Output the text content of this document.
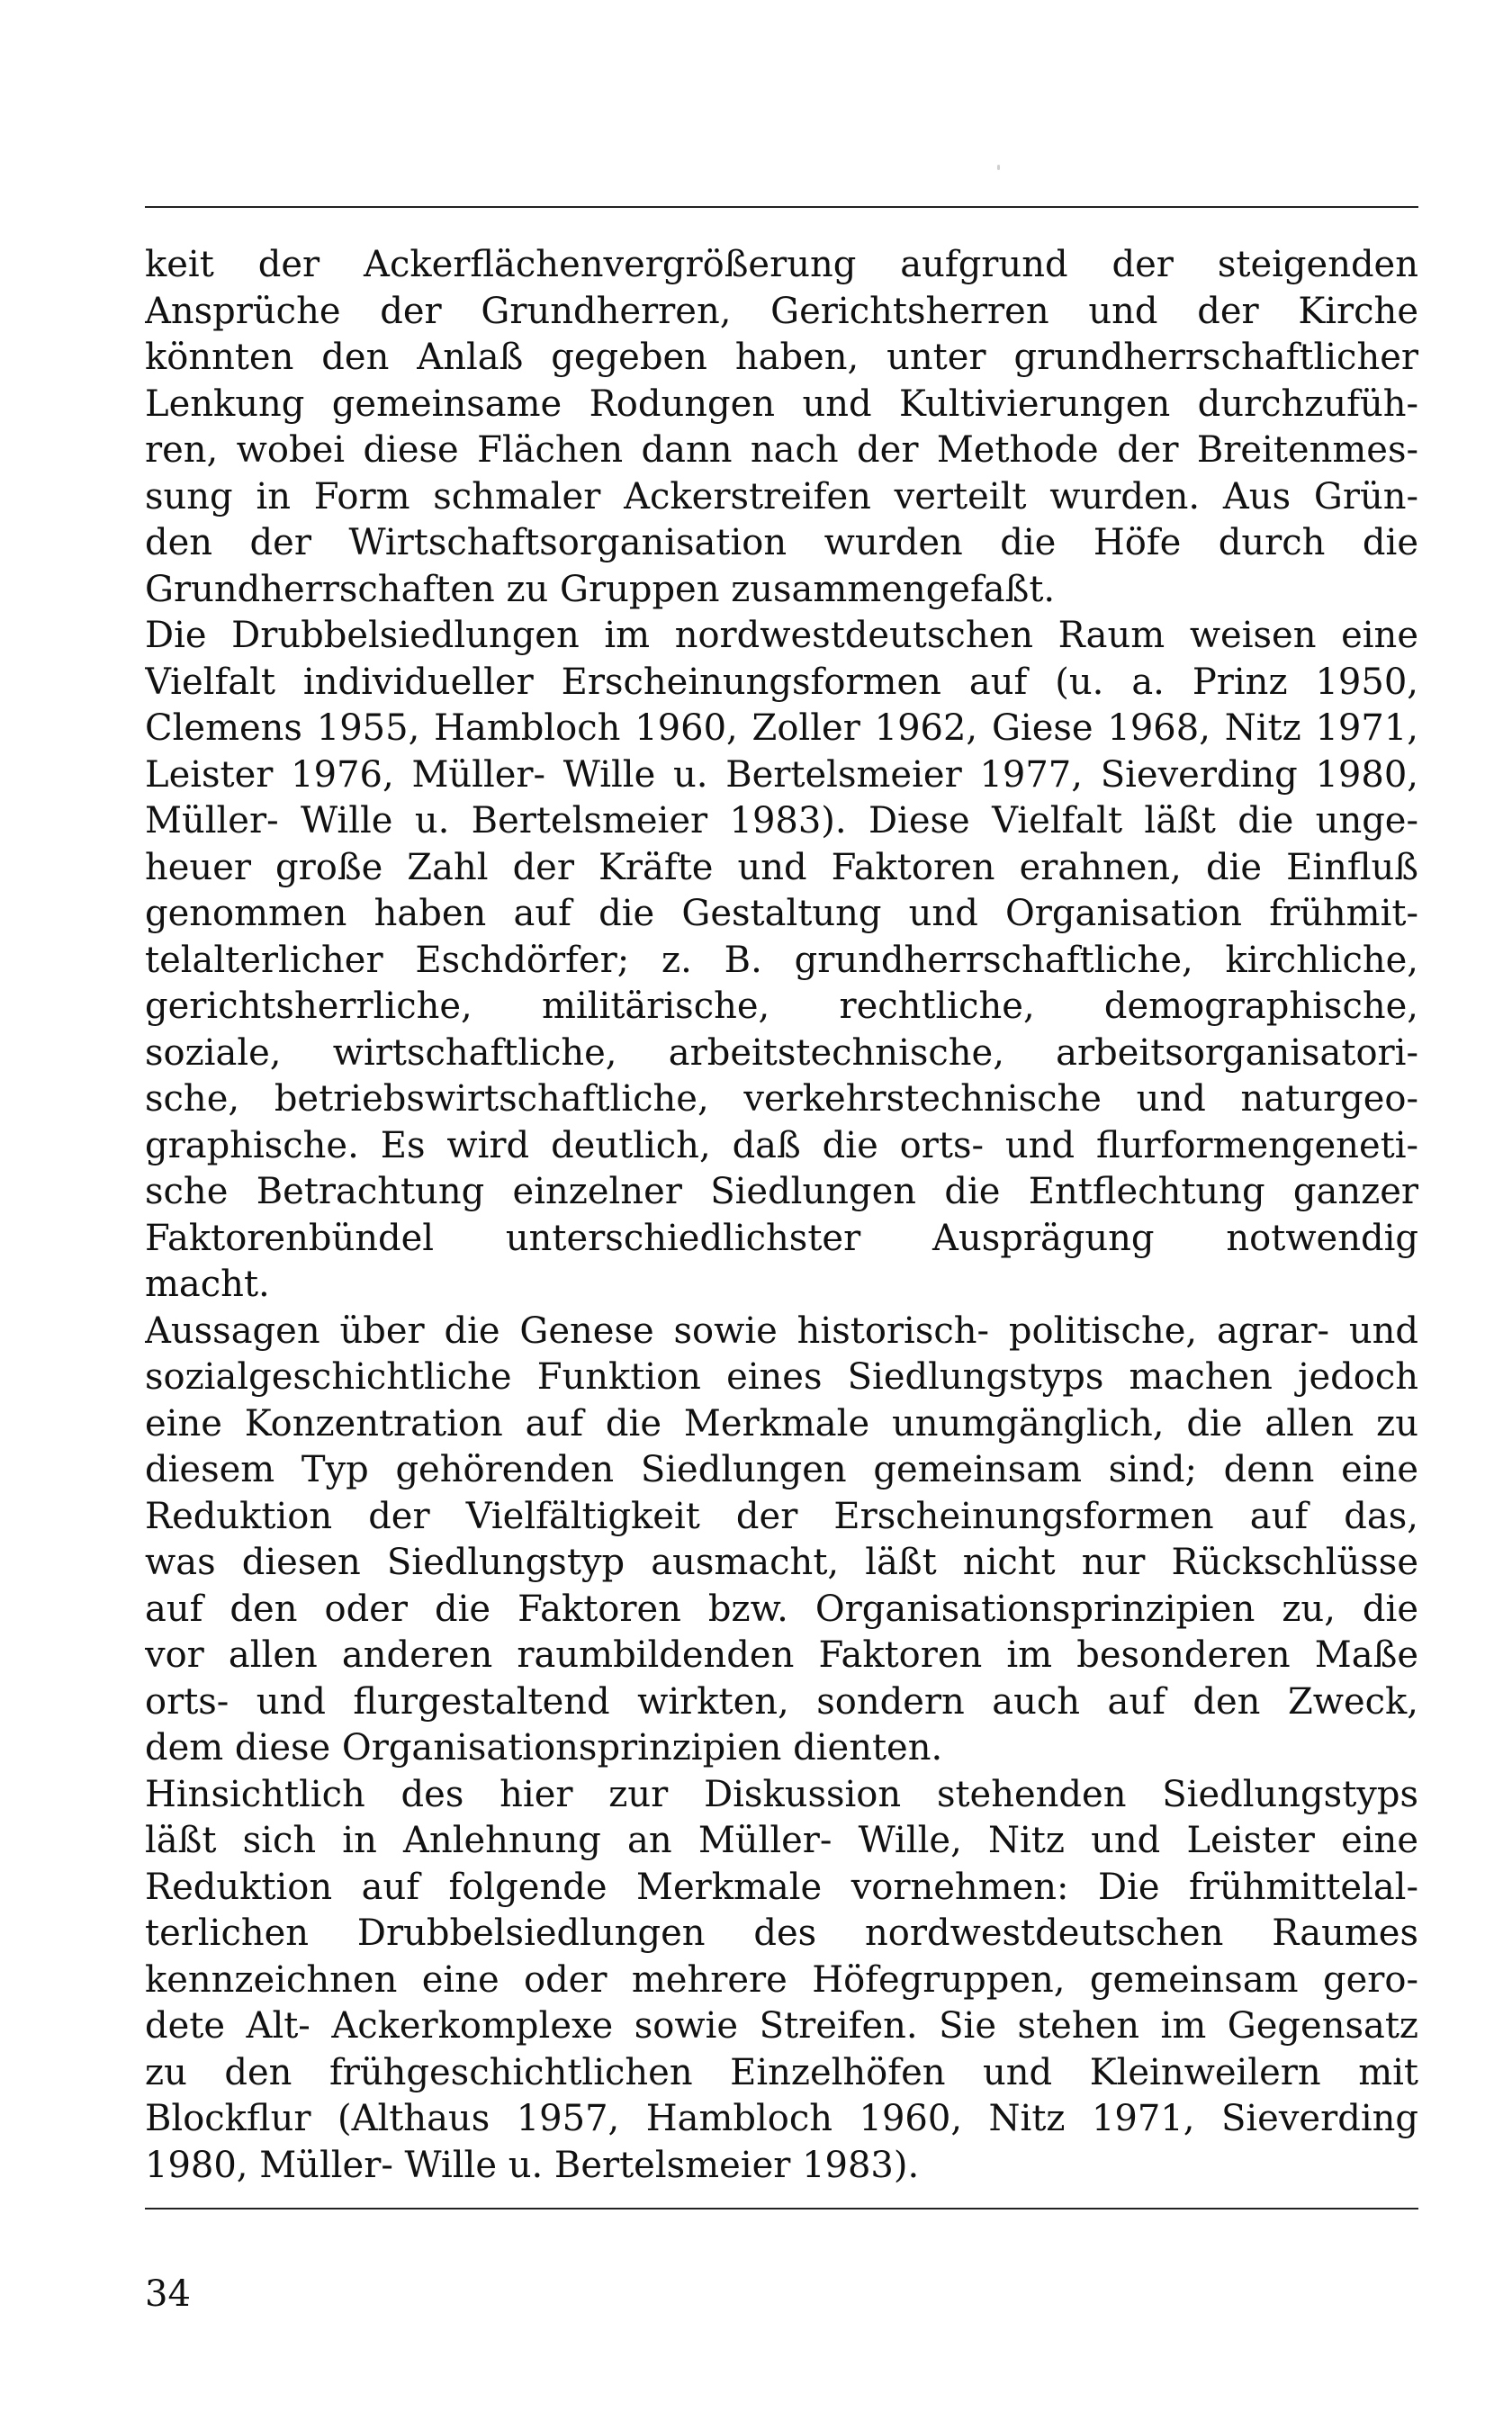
keit der Ackerflächenvergrößerung aufgrund der steigenden
Ansprüche der Grundherren, Gerichtsherren und der Kirche
könnten den Anlaß gegeben haben, unter grundherrschaftlicher
Lenkung gemeinsame Rodungen und Kultivierungen durchzufüh-
ren, wobei diese Flächen dann nach der Methode der Breitenmes-
sung in Form schmaler Ackerstreifen verteilt wurden. Aus Grün-
den der Wirtschaftsorganisation wurden die Höfe durch die
Grundherrschaften zu Gruppen zusammengefaßt.
Die Drubbelsiedlungen im nordwestdeutschen Raum weisen eine
Vielfalt individueller Erscheinungsformen auf (u. a. Prinz 1950,
Clemens 1955, Hambloch 1960, Zoller 1962, Giese 1968, Nitz 1971,
Leister 1976, Müller- Wille u. Bertelsmeier 1977, Sieverding 1980,
Müller- Wille u. Bertelsmeier 1983). Diese Vielfalt läßt die unge-
heuer große Zahl der Kräfte und Faktoren erahnen, die Einfluß
genommen haben auf die Gestaltung und Organisation frühmit-
telalterlicher Eschdörfer; z. B. grundherrschaftliche, kirchliche,
gerichtsherrliche, militärische, rechtliche, demographische,
soziale, wirtschaftliche, arbeitstechnische, arbeitsorganisatori-
sche, betriebswirtschaftliche, verkehrstechnische und naturgeo-
graphische. Es wird deutlich, daß die orts- und flurformengeneti-
sche Betrachtung einzelner Siedlungen die Entflechtung ganzer
Faktorenbündel unterschiedlichster Ausprägung notwendig
macht.
Aussagen über die Genese sowie historisch- politische, agrar- und
sozialgeschichtliche Funktion eines Siedlungstyps machen jedoch
eine Konzentration auf die Merkmale unumgänglich, die allen zu
diesem Typ gehörenden Siedlungen gemeinsam sind; denn eine
Reduktion der Vielfältigkeit der Erscheinungsformen auf das,
was diesen Siedlungstyp ausmacht, läßt nicht nur Rückschlüsse
auf den oder die Faktoren bzw. Organisationsprinzipien zu, die
vor allen anderen raumbildenden Faktoren im besonderen Maße
orts- und flurgestaltend wirkten, sondern auch auf den Zweck,
dem diese Organisationsprinzipien dienten.
Hinsichtlich des hier zur Diskussion stehenden Siedlungstyps
läßt sich in Anlehnung an Müller- Wille, Nitz und Leister eine
Reduktion auf folgende Merkmale vornehmen: Die frühmittelal-
terlichen Drubbelsiedlungen des nordwestdeutschen Raumes
kennzeichnen eine oder mehrere Höfegruppen, gemeinsam gero-
dete Alt- Ackerkomplexe sowie Streifen. Sie stehen im Gegensatz
zu den frühgeschichtlichen Einzelhöfen und Kleinweilern mit
Blockflur (Althaus 1957, Hambloch 1960, Nitz 1971, Sieverding
1980, Müller- Wille u. Bertelsmeier 1983).
34
